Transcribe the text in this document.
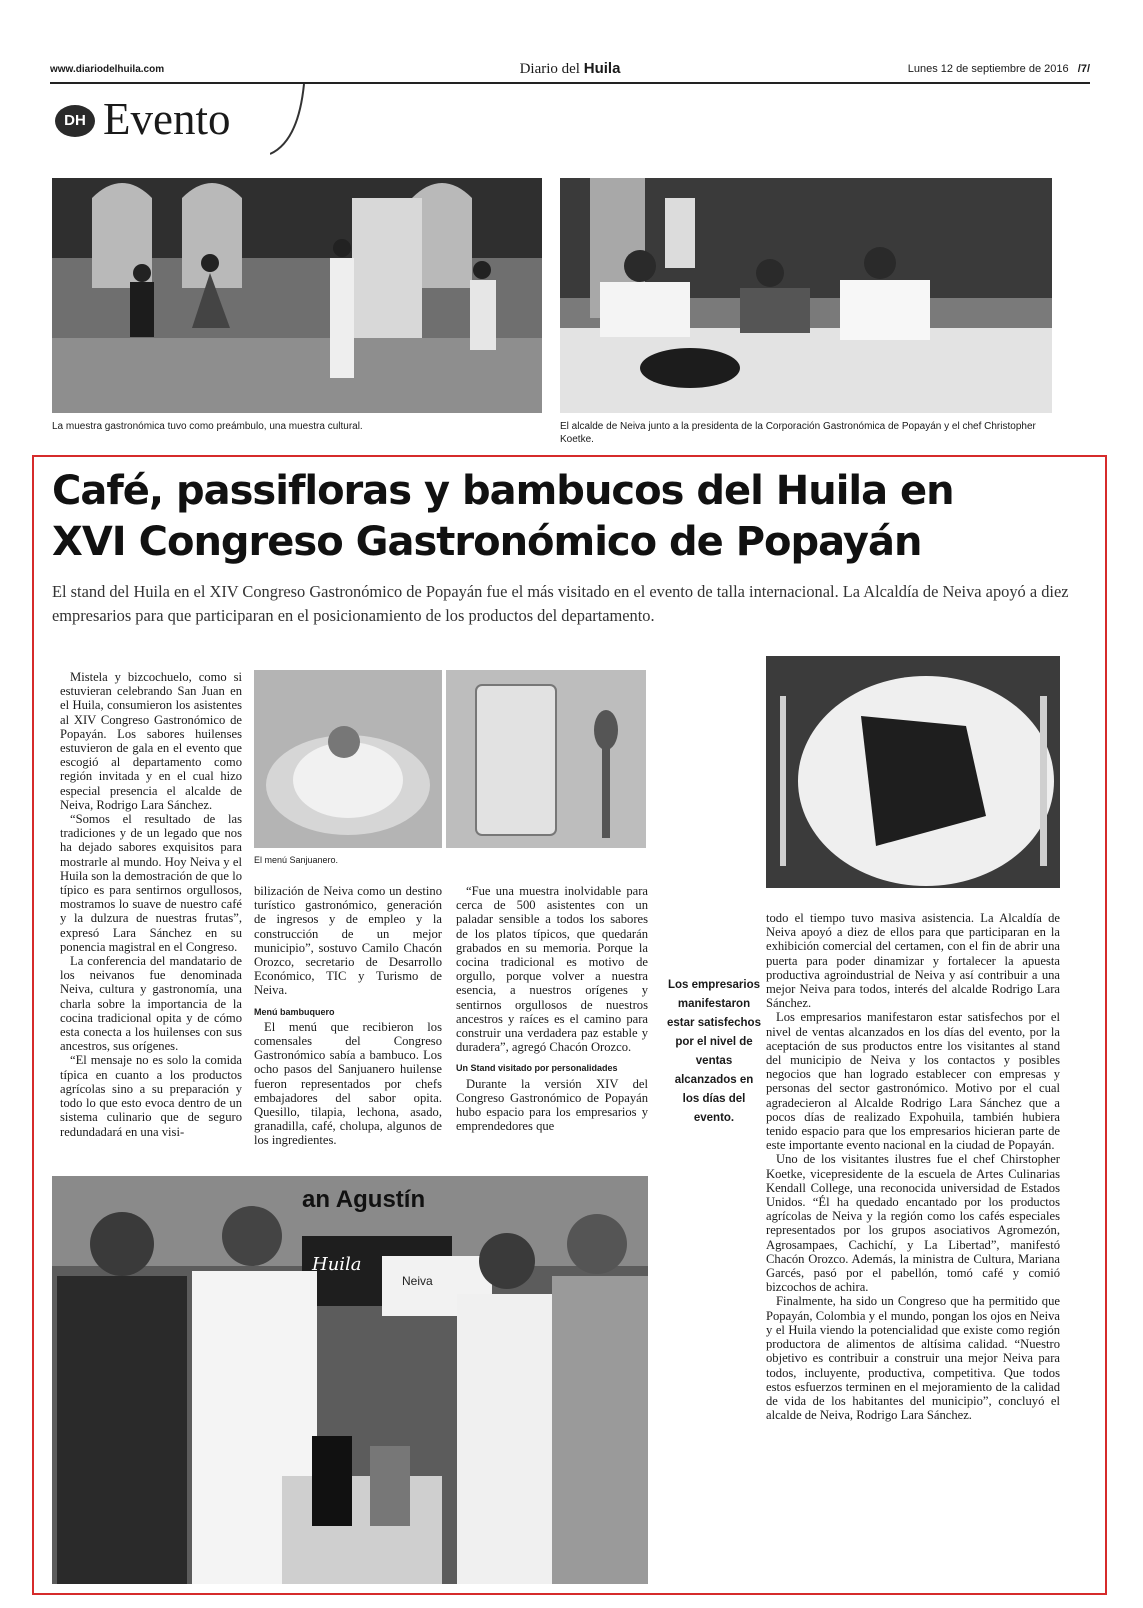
www.diariodelhuila.com	Diario del Huila	Lunes 12 de septiembre de 2016 /7/
DH Evento
La muestra gastronómica tuvo como preámbulo, una muestra cultural.	El alcalde de Neiva junto a la presidenta de la Corporación Gastronómica de Popayán y el chef Christopher Koetke.
Café, passifloras y bambucos del Huila en
XVI Congreso Gastronómico de Popayán
El stand del Huila en el XIV Congreso Gastronómico de Popayán fue el más visitado en el evento de talla internacional. La Alcaldía de Neiva apoyó a diez empresarios para que participaran en el posicionamiento de los productos del departamento.

Mistela y bizcochuelo, como si estuvieran celebrando San Juan en el Huila, consumieron los asistentes al XIV Congreso Gastronómico de Popayán. Los sabores huilenses estuvieron de gala en el evento que escogió al departamento como región invitada y en el cual hizo especial presencia el alcalde de Neiva, Rodrigo Lara Sánchez.

“Somos el resultado de las tradiciones y de un legado que nos ha dejado sabores exquisitos para mostrarle al mundo. Hoy Neiva y el Huila son la demostración de que lo típico es para sentirnos orgullosos, mostramos lo suave de nuestro café y la dulzura de nuestras frutas”, expresó Lara Sánchez en su ponencia magistral en el Congreso.

La conferencia del mandatario de los neivanos fue denominada Neiva, cultura y gastronomía, una charla sobre la importancia de la cocina tradicional opita y de cómo esta conecta a los huilenses con sus ancestros, sus orígenes.

“El mensaje no es solo la comida típica en cuanto a los productos agrícolas sino a su preparación y todo lo que esto evoca dentro de un sistema culinario que de seguro redundadará en una visi-

El menú Sanjuanero.

bilización de Neiva como un destino turístico gastronómico, generación de ingresos y de empleo y la construcción de un mejor municipio”, sostuvo Camilo Chacón Orozco, secretario de Desarrollo Económico, TIC y Turismo de Neiva.

Menú bambuquero

El menú que recibieron los comensales del Congreso Gastronómico sabía a bambuco. Los ocho pasos del Sanjuanero huilense fueron representados por chefs embajadores del sabor opita. Quesillo, tilapia, lechona, asado, granadilla, café, cholupa, algunos de los ingredientes.

“Fue una muestra inolvidable para cerca de 500 asistentes con un paladar sensible a todos los sabores de los platos típicos, que quedarán grabados en su memoria. Porque la cocina tradicional es motivo de orgullo, porque volver a nuestra esencia, a nuestros orígenes y sentirnos orgullosos de nuestros ancestros y raíces es el camino para construir una verdadera paz estable y duradera”, agregó Chacón Orozco.

Un Stand visitado por personalidades

Durante la versión XIV del Congreso Gastronómico de Popayán hubo espacio para los empresarios y emprendedores que

Los empresarios manifestaron estar satisfechos por el nivel de ventas alcanzados en los días del evento.

todo el tiempo tuvo masiva asistencia. La Alcaldía de Neiva apoyó a diez de ellos para que participaran en la exhibición comercial del certamen, con el fin de abrir una puerta para poder dinamizar y fortalecer la apuesta productiva agroindustrial de Neiva y así contribuir a una mejor Neiva para todos, interés del alcalde Rodrigo Lara Sánchez.

Los empresarios manifestaron estar satisfechos por el nivel de ventas alcanzados en los días del evento, por la aceptación de sus productos entre los visitantes al stand del municipio de Neiva y los contactos y posibles negocios que han logrado establecer con empresas y personas del sector gastronómico. Motivo por el cual agradecieron al Alcalde Rodrigo Lara Sánchez que a pocos días de realizado Expohuila, también hubiera tenido espacio para que los empresarios hicieran parte de este importante evento nacional en la ciudad de Popayán.

Uno de los visitantes ilustres fue el chef Chirstopher Koetke, vicepresidente de la escuela de Artes Culinarias Kendall College, una reconocida universidad de Estados Unidos. “Él ha quedado encantado por los productos agrícolas de Neiva y la región como los cafés especiales representados por los grupos asociativos Agromezón, Agrosampaes, Cachichí, y La Libertad”, manifestó Chacón Orozco. Además, la ministra de Cultura, Mariana Garcés, pasó por el pabellón, tomó café y comió bizcochos de achira.

Finalmente, ha sido un Congreso que ha permitido que Popayán, Colombia y el mundo, pongan los ojos en Neiva y el Huila viendo la potencialidad que existe como región productora de alimentos de altísima calidad. “Nuestro objetivo es contribuir a construir una mejor Neiva para todos, incluyente, productiva, competitiva. Que todos estos esfuerzos terminen en el mejoramiento de la calidad de vida de los habitantes del municipio”, concluyó el alcalde de Neiva, Rodrigo Lara Sánchez.

an Agustín
Huila
Neiva
